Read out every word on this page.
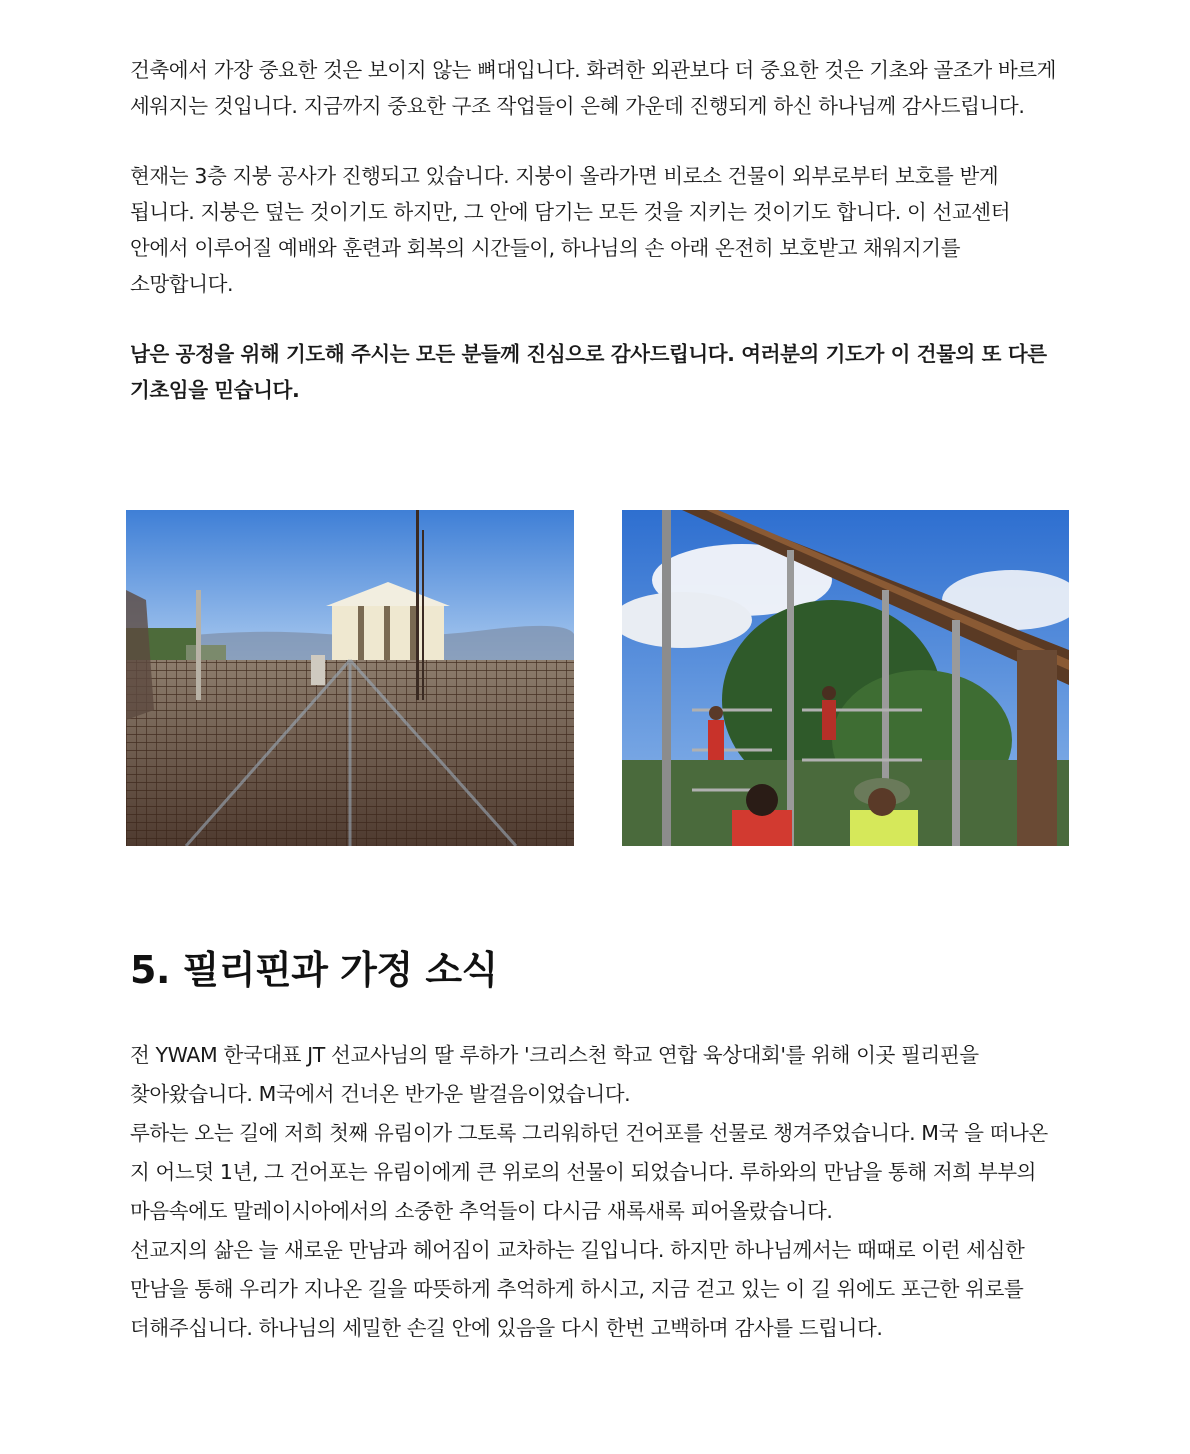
건축에서 가장 중요한 것은 보이지 않는 뼈대입니다. 화려한 외관보다 더 중요한 것은 기초와 골조가 바르게 세워지는 것입니다. 지금까지 중요한 구조 작업들이 은혜 가운데 진행되게 하신 하나님께 감사드립니다.

현재는 3층 지붕 공사가 진행되고 있습니다. 지붕이 올라가면 비로소 건물이 외부로부터 보호를 받게 됩니다. 지붕은 덮는 것이기도 하지만, 그 안에 담기는 모든 것을 지키는 것이기도 합니다. 이 선교센터 안에서 이루어질 예배와 훈련과 회복의 시간들이, 하나님의 손 아래 온전히 보호받고 채워지기를 소망합니다.

남은 공정을 위해 기도해 주시는 모든 분들께 진심으로 감사드립니다. 여러분의 기도가 이 건물의 또 다른 기초임을 믿습니다.

5. 필리핀과 가정 소식

전 YWAM 한국대표 JT 선교사님의 딸 루하가 '크리스천 학교 연합 육상대회'를 위해 이곳 필리핀을 찾아왔습니다. M국에서 건너온 반가운 발걸음이었습니다.

루하는 오는 길에 저희 첫째 유림이가 그토록 그리워하던 건어포를 선물로 챙겨주었습니다. M국 을 떠나온 지 어느덧 1년, 그 건어포는 유림이에게 큰 위로의 선물이 되었습니다. 루하와의 만남을 통해 저희 부부의 마음속에도 말레이시아에서의 소중한 추억들이 다시금 새록새록 피어올랐습니다.

선교지의 삶은 늘 새로운 만남과 헤어짐이 교차하는 길입니다. 하지만 하나님께서는 때때로 이런 세심한 만남을 통해 우리가 지나온 길을 따뜻하게 추억하게 하시고, 지금 걷고 있는 이 길 위에도 포근한 위로를 더해주십니다. 하나님의 세밀한 손길 안에 있음을 다시 한번 고백하며 감사를 드립니다.
